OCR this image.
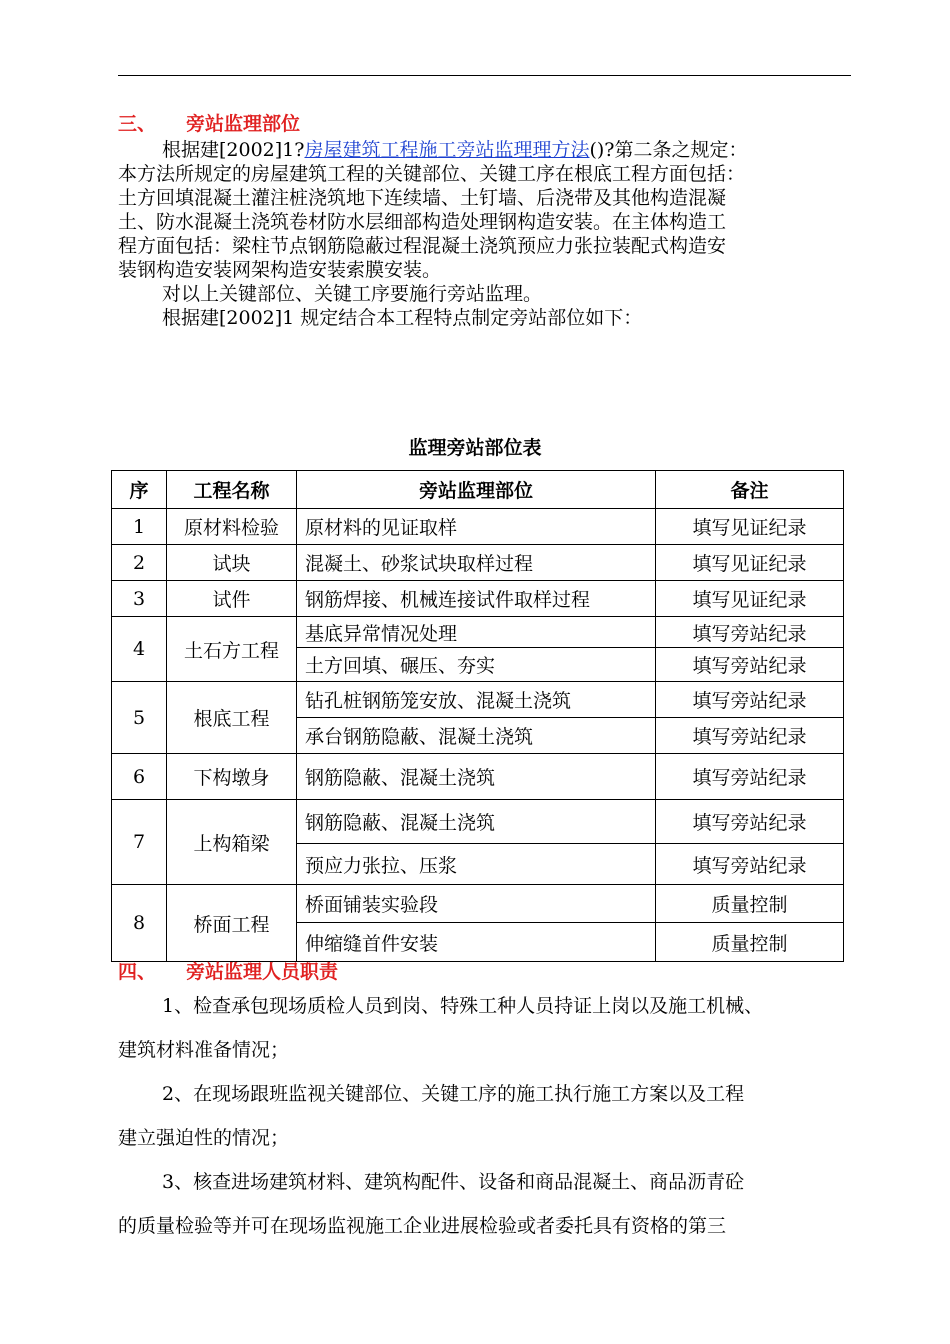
三、 旁站监理部位
根据建[2002]1?房屋建筑工程施工旁站监理理方法()?第二条之规定：
本方法所规定的房屋建筑工程的关键部位、关键工序在根底工程方面包括：
土方回填混凝土灌注桩浇筑地下连续墙、土钉墙、后浇带及其他构造混凝
土、防水混凝土浇筑卷材防水层细部构造处理钢构造安装。在主体构造工
程方面包括：梁柱节点钢筋隐蔽过程混凝土浇筑预应力张拉装配式构造安
装钢构造安装网架构造安装索膜安装。
对以上关键部位、关键工序要施行旁站监理。
根据建[2002]1 规定结合本工程特点制定旁站部位如下：
监理旁站部位表
序	工程名称	旁站监理部位	备注
1	原材料检验	原材料的见证取样	填写见证纪录
2	试块	混凝土、砂浆试块取样过程	填写见证纪录
3	试件	钢筋焊接、机械连接试件取样过程	填写见证纪录
4	土石方工程	基底异常情况处理	填写旁站纪录
		土方回填、碾压、夯实	填写旁站纪录
5	根底工程	钻孔桩钢筋笼安放、混凝土浇筑	填写旁站纪录
		承台钢筋隐蔽、混凝土浇筑	填写旁站纪录
6	下构墩身	钢筋隐蔽、混凝土浇筑	填写旁站纪录
7	上构箱梁	钢筋隐蔽、混凝土浇筑	填写旁站纪录
		预应力张拉、压浆	填写旁站纪录
8	桥面工程	桥面铺装实验段	质量控制
		伸缩缝首件安装	质量控制
四、 旁站监理人员职责
1、检查承包现场质检人员到岗、特殊工种人员持证上岗以及施工机械、
建筑材料准备情况；
2、在现场跟班监视关键部位、关键工序的施工执行施工方案以及工程
建立强迫性的情况；
3、核查进场建筑材料、建筑构配件、设备和商品混凝土、商品沥青砼
的质量检验等并可在现场监视施工企业进展检验或者委托具有资格的第三
